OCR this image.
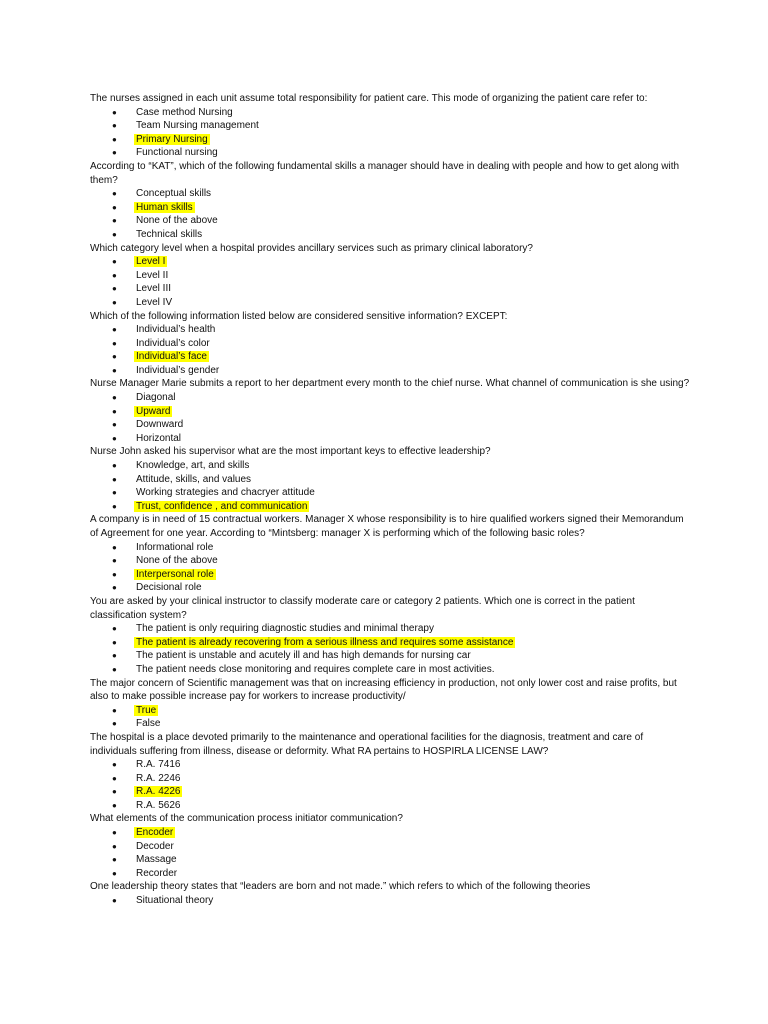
The nurses assigned in each unit assume total responsibility for patient care. This mode of organizing the patient care refer to:

● Case method Nursing
● Team Nursing management
● Primary Nursing
● Functional nursing

According to “KAT”, which of the following fundamental skills a manager should have in dealing with people and how to get along with them?

● Conceptual skills
● Human skills
● None of the above
● Technical skills

Which category level when a hospital provides ancillary services such as primary clinical laboratory?

● Level I
● Level II
● Level III
● Level IV

Which of the following information listed below are considered sensitive information? EXCEPT:

● Individual’s health
● Individual’s color
● Individual’s face
● Individual’s gender

Nurse Manager Marie submits a report to her department every month to the chief nurse. What channel of communication is she using?

● Diagonal
● Upward
● Downward
● Horizontal

Nurse John asked his supervisor what are the most important keys to effective leadership?

● Knowledge, art, and skills
● Attitude, skills, and values
● Working strategies and chacryer attitude
● Trust, confidence , and communication

A company is in need of 15 contractual workers. Manager X whose responsibility is to hire qualified workers signed their Memorandum of Agreement for one year. According to “Mintsberg: manager X is performing which of the following basic roles?

● Informational role
● None of the above
● Interpersonal role
● Decisional role

You are asked by your clinical instructor to classify moderate care or category 2 patients. Which one is correct in the patient classification system?

● The patient is only requiring diagnostic studies and minimal therapy
● The patient is already recovering from a serious illness and requires some assistance
● The patient is unstable and acutely ill and has high demands for nursing car
● The patient needs close monitoring and requires complete care in most activities.

The major concern of Scientific management was that on increasing efficiency in production, not only lower cost and raise profits, but also to make possible increase pay for workers to increase productivity/

● True
● False

The hospital is a place devoted primarily to the maintenance and operational facilities for the diagnosis, treatment and care of individuals suffering from illness, disease or deformity. What RA pertains to HOSPIRLA LICENSE LAW?

● R.A. 7416
● R.A. 2246
● R.A. 4226
● R.A. 5626

What elements of the communication process initiator communication?

● Encoder
● Decoder
● Massage
● Recorder

One leadership theory states that “leaders are born and not made.” which refers to which of the following theories

● Situational theory
